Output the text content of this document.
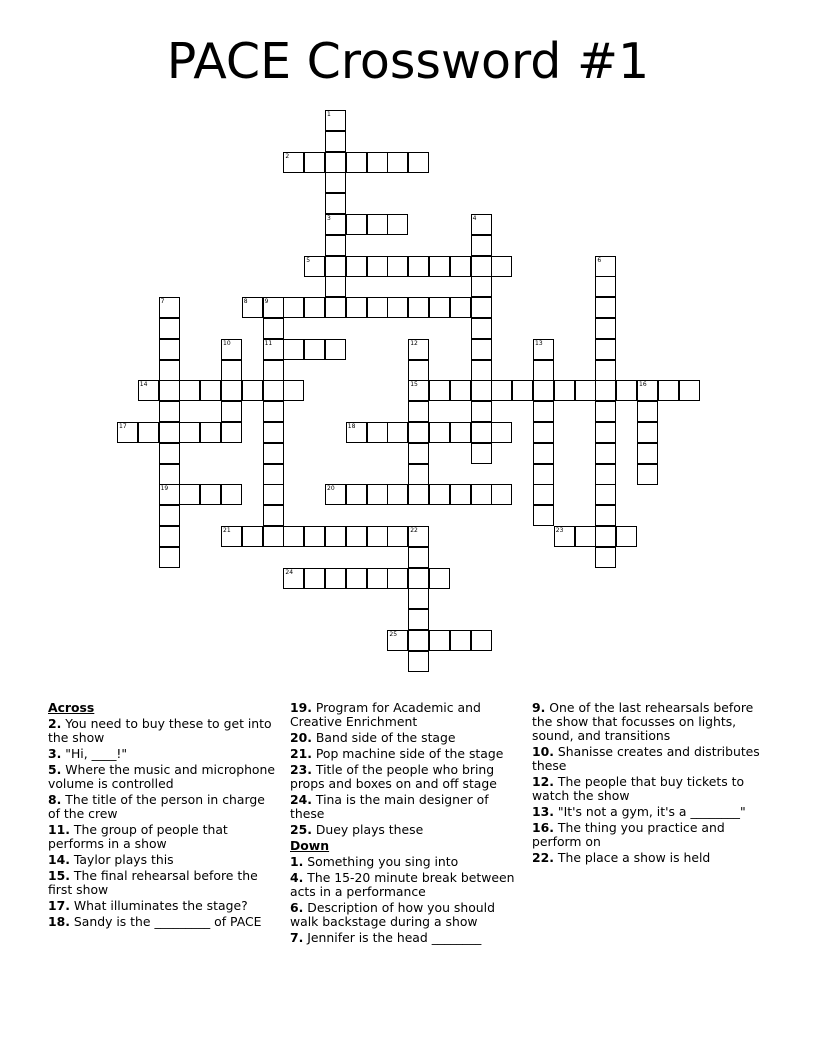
PACE Crossword #1
1
3
2
4
5	6
7
19
8	9
11
10	12
15
13
14	16
17	18
20
21	22	23
24
25
Across
2. You need to buy these to get into the show
3. "Hi, ____!"
5. Where the music and microphone volume is controlled
8. The title of the person in charge of the crew
11. The group of people that performs in a show
14. Taylor plays this
15. The final rehearsal before the first show
17. What illuminates the stage?
18. Sandy is the _________ of PACE
19. Program for Academic and Creative Enrichment
20. Band side of the stage
21. Pop machine side of the stage
23. Title of the people who bring props and boxes on and off stage
24. Tina is the main designer of these
25. Duey plays these
Down
1. Something you sing into
4. The 15-20 minute break between acts in a performance
6. Description of how you should walk backstage during a show
7. Jennifer is the head ________
9. One of the last rehearsals before the show that focusses on lights, sound, and transitions
10. Shanisse creates and distributes these
12. The people that buy tickets to watch the show
13. "It's not a gym, it's a ________"
16. The thing you practice and perform on
22. The place a show is held
